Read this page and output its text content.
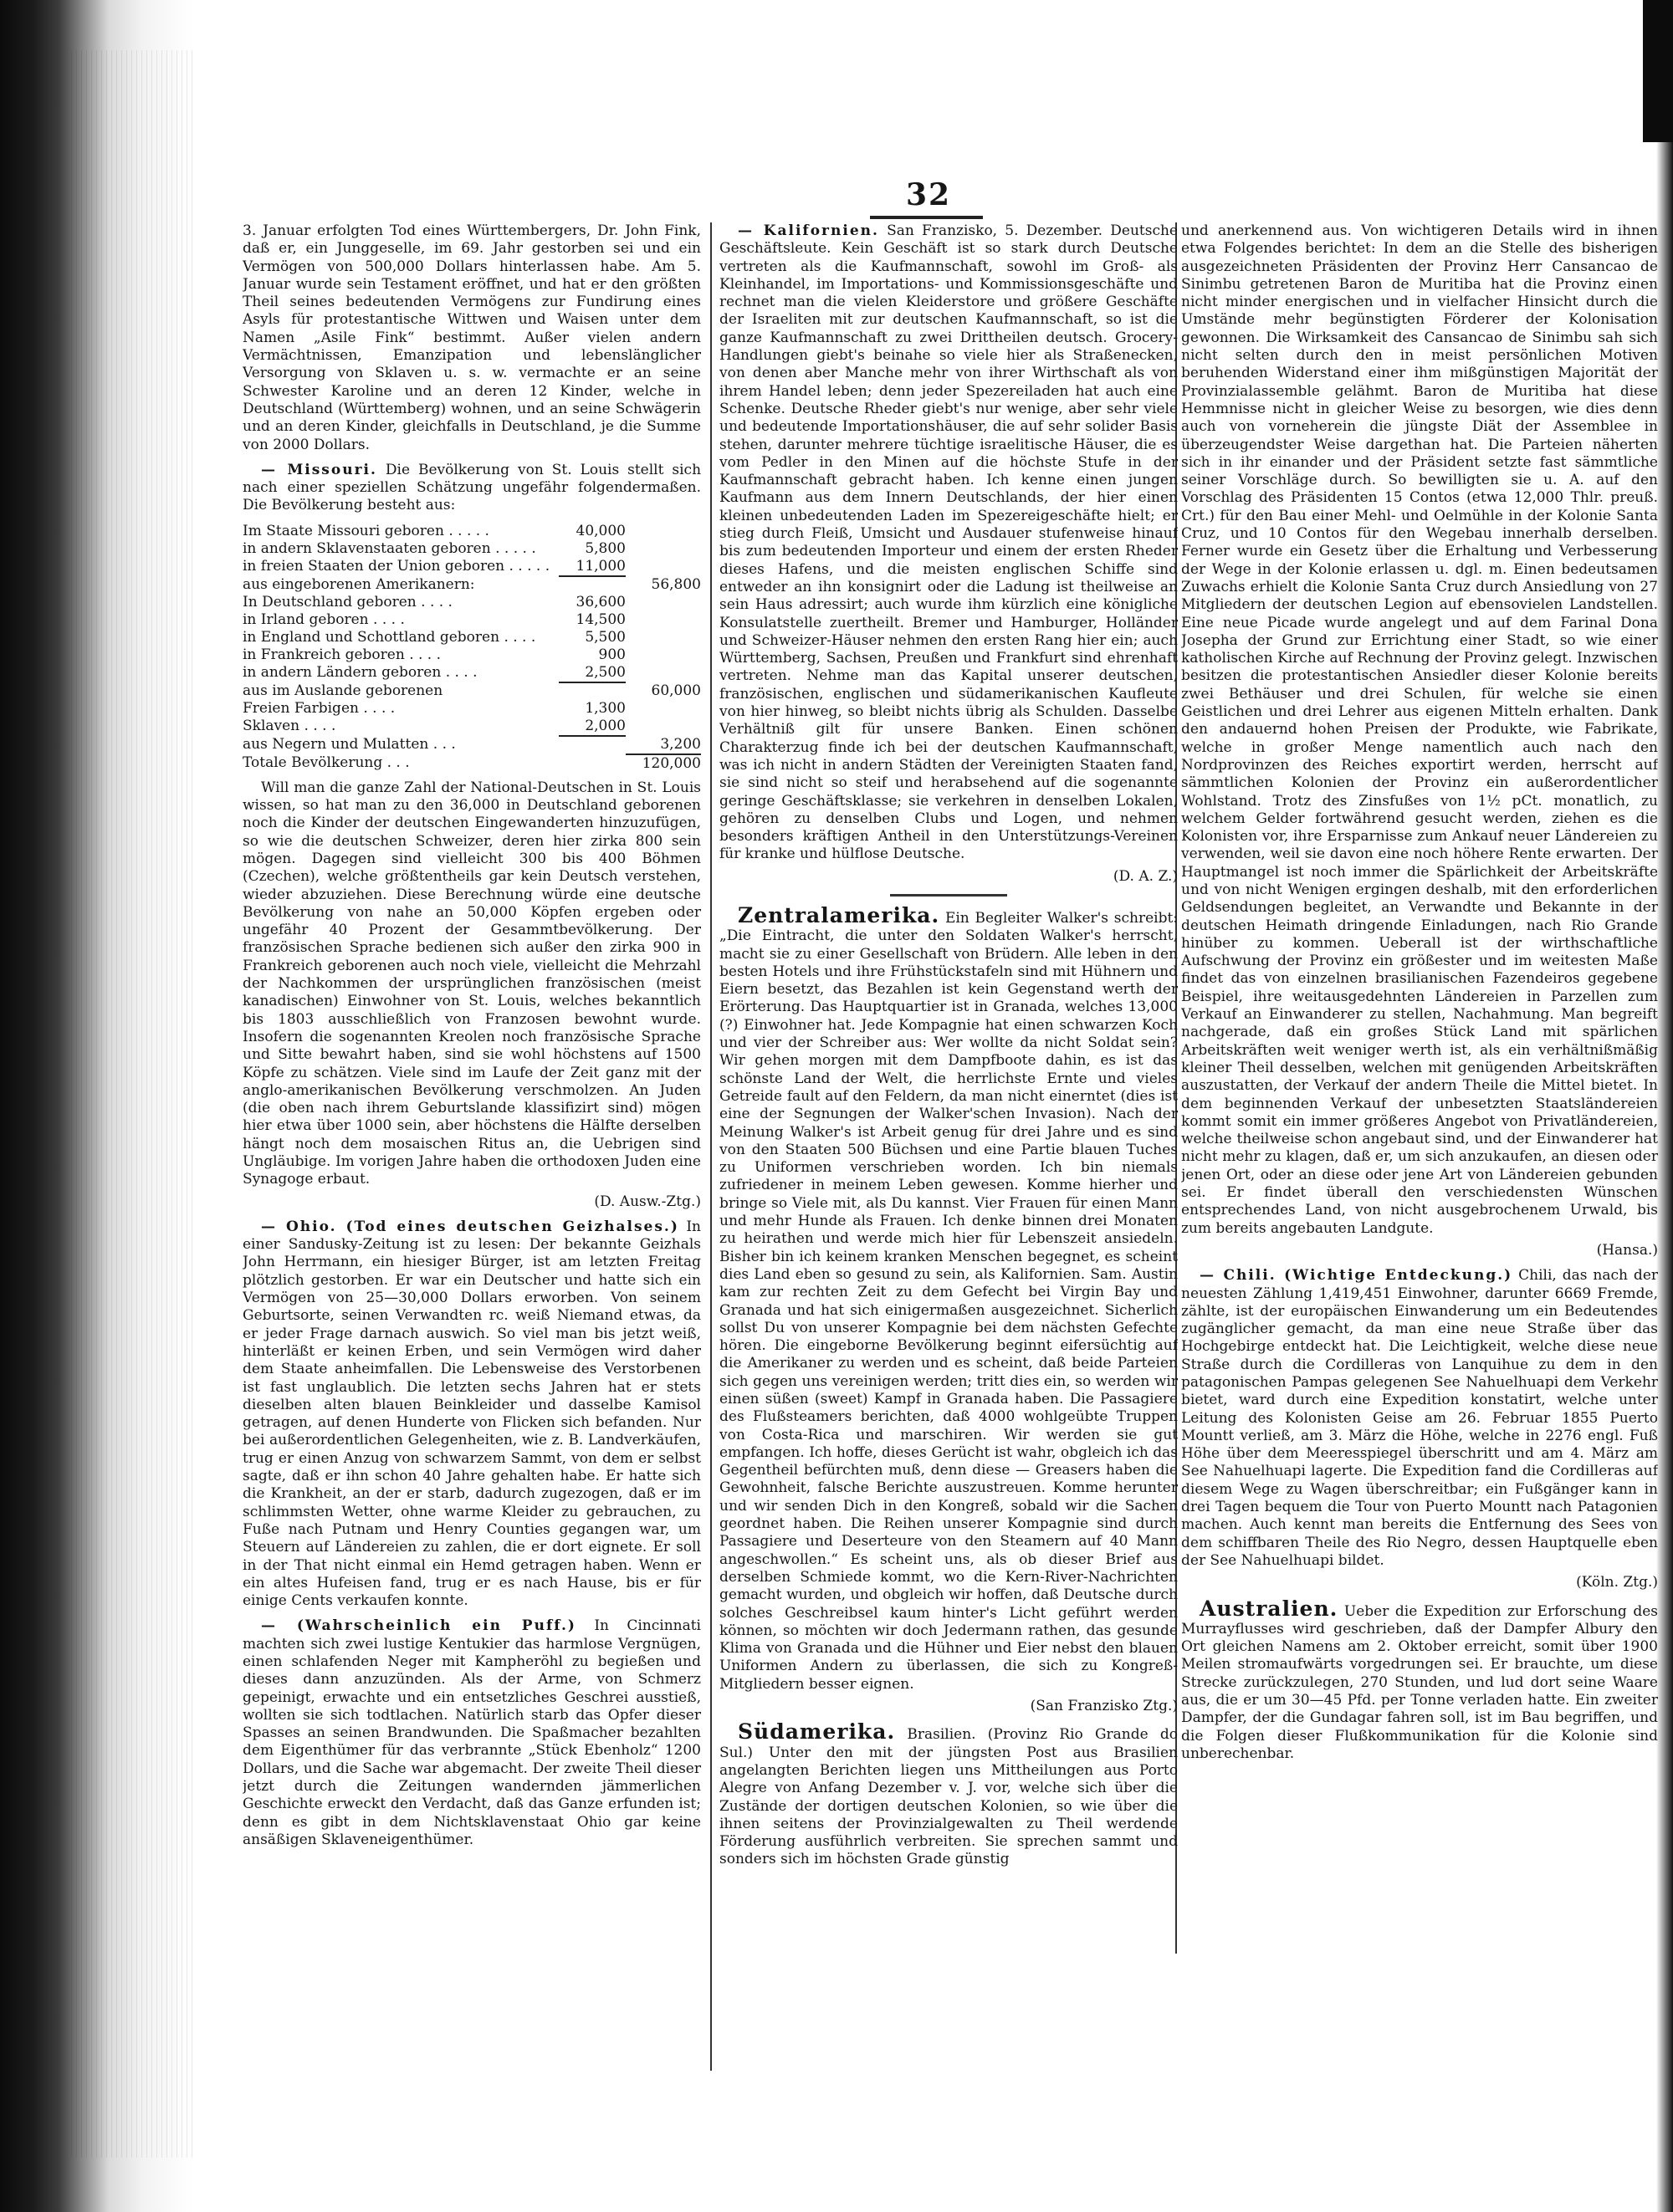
32

3. Januar erfolgten Tod eines Württembergers, Dr. John Fink, daß er, ein Junggeselle, im 69. Jahr gestorben sei und ein Vermögen von 500,000 Dollars hinterlassen habe. Am 5. Januar wurde sein Testament eröffnet, und hat er den größten Theil seines bedeutenden Vermögens zur Fundirung eines Asyls für protestantische Wittwen und Waisen unter dem Namen „Asile Fink“ bestimmt. Außer vielen andern Vermächtnissen, Emanzipation und lebenslänglicher Versorgung von Sklaven u. s. w. vermachte er an seine Schwester Karoline und an deren 12 Kinder, welche in Deutschland (Württemberg) wohnen, und an seine Schwägerin und an deren Kinder, gleichfalls in Deutschland, je die Summe von 2000 Dollars.

— Missouri. Die Bevölkerung von St. Louis stellt sich nach einer speziellen Schätzung ungefähr folgendermaßen. Die Bevölkerung besteht aus:

Im Staate Missouri geboren . . . . .	40,000	
in andern Sklavenstaaten geboren . . . . .	5,800	
in freien Staaten der Union geboren . . . . .	11,000	
aus eingeborenen Amerikanern:		56,800
In Deutschland geboren . . . .	36,600	
in Irland geboren . . . .	14,500	
in England und Schottland geboren . . . .	5,500	
in Frankreich geboren . . . .	900	
in andern Ländern geboren . . . .	2,500	
aus im Auslande geborenen		60,000
Freien Farbigen . . . .	1,300	
Sklaven . . . .	2,000	
aus Negern und Mulatten . . .		3,200
Totale Bevölkerung . . .		120,000

Will man die ganze Zahl der National-Deutschen in St. Louis wissen, so hat man zu den 36,000 in Deutschland geborenen noch die Kinder der deutschen Eingewanderten hinzuzufügen, so wie die deutschen Schweizer, deren hier zirka 800 sein mögen. Dagegen sind vielleicht 300 bis 400 Böhmen (Czechen), welche größtentheils gar kein Deutsch verstehen, wieder abzuziehen. Diese Berechnung würde eine deutsche Bevölkerung von nahe an 50,000 Köpfen ergeben oder ungefähr 40 Prozent der Gesammtbevölkerung. Der französischen Sprache bedienen sich außer den zirka 900 in Frankreich geborenen auch noch viele, vielleicht die Mehrzahl der Nachkommen der ursprünglichen französischen (meist kanadischen) Einwohner von St. Louis, welches bekanntlich bis 1803 ausschließlich von Franzosen bewohnt wurde. Insofern die sogenannten Kreolen noch französische Sprache und Sitte bewahrt haben, sind sie wohl höchstens auf 1500 Köpfe zu schätzen. Viele sind im Laufe der Zeit ganz mit der anglo-amerikanischen Bevölkerung verschmolzen. An Juden (die oben nach ihrem Geburtslande klassifizirt sind) mögen hier etwa über 1000 sein, aber höchstens die Hälfte derselben hängt noch dem mosaischen Ritus an, die Uebrigen sind Ungläubige. Im vorigen Jahre haben die orthodoxen Juden eine Synagoge erbaut.

(D. Ausw.-Ztg.)

— Ohio. (Tod eines deutschen Geizhalses.) In einer Sandusky-Zeitung ist zu lesen: Der bekannte Geizhals John Herrmann, ein hiesiger Bürger, ist am letzten Freitag plötzlich gestorben. Er war ein Deutscher und hatte sich ein Vermögen von 25—30,000 Dollars erworben. Von seinem Geburtsorte, seinen Verwandten rc. weiß Niemand etwas, da er jeder Frage darnach auswich. So viel man bis jetzt weiß, hinterläßt er keinen Erben, und sein Vermögen wird daher dem Staate anheimfallen. Die Lebensweise des Verstorbenen ist fast unglaublich. Die letzten sechs Jahren hat er stets dieselben alten blauen Beinkleider und dasselbe Kamisol getragen, auf denen Hunderte von Flicken sich befanden. Nur bei außerordentlichen Gelegenheiten, wie z. B. Landverkäufen, trug er einen Anzug von schwarzem Sammt, von dem er selbst sagte, daß er ihn schon 40 Jahre gehalten habe. Er hatte sich die Krankheit, an der er starb, dadurch zugezogen, daß er im schlimmsten Wetter, ohne warme Kleider zu gebrauchen, zu Fuße nach Putnam und Henry Counties gegangen war, um Steuern auf Ländereien zu zahlen, die er dort eignete. Er soll in der That nicht einmal ein Hemd getragen haben. Wenn er ein altes Hufeisen fand, trug er es nach Hause, bis er für einige Cents verkaufen konnte.

— (Wahrscheinlich ein Puff.) In Cincinnati machten sich zwei lustige Kentukier das harmlose Vergnügen, einen schlafenden Neger mit Kampheröhl zu begießen und dieses dann anzuzünden. Als der Arme, von Schmerz gepeinigt, erwachte und ein entsetzliches Geschrei ausstieß, wollten sie sich todtlachen. Natürlich starb das Opfer dieser Spasses an seinen Brandwunden. Die Spaßmacher bezahlten dem Eigenthümer für das verbrannte „Stück Ebenholz“ 1200 Dollars, und die Sache war abgemacht. Der zweite Theil dieser jetzt durch die Zeitungen wandernden jämmerlichen Geschichte erweckt den Verdacht, daß das Ganze erfunden ist; denn es gibt in dem Nichtsklavenstaat Ohio gar keine ansäßigen Sklaveneigenthümer.

— Kalifornien. San Franzisko, 5. Dezember. Deutsche Geschäftsleute. Kein Geschäft ist so stark durch Deutsche vertreten als die Kaufmannschaft, sowohl im Groß- als Kleinhandel, im Importations- und Kommissionsgeschäfte und rechnet man die vielen Kleiderstore und größere Geschäfte der Israeliten mit zur deutschen Kaufmannschaft, so ist die ganze Kaufmannschaft zu zwei Drittheilen deutsch. Grocery-Handlungen giebt's beinahe so viele hier als Straßenecken, von denen aber Manche mehr von ihrer Wirthschaft als von ihrem Handel leben; denn jeder Spezereiladen hat auch eine Schenke. Deutsche Rheder giebt's nur wenige, aber sehr viele und bedeutende Importationshäuser, die auf sehr solider Basis stehen, darunter mehrere tüchtige israelitische Häuser, die es vom Pedler in den Minen auf die höchste Stufe in der Kaufmannschaft gebracht haben. Ich kenne einen jungen Kaufmann aus dem Innern Deutschlands, der hier einen kleinen unbedeutenden Laden im Spezereigeschäfte hielt; er stieg durch Fleiß, Umsicht und Ausdauer stufenweise hinauf bis zum bedeutenden Importeur und einem der ersten Rheder dieses Hafens, und die meisten englischen Schiffe sind entweder an ihn konsignirt oder die Ladung ist theilweise an sein Haus adressirt; auch wurde ihm kürzlich eine königliche Konsulatstelle zuertheilt. Bremer und Hamburger, Holländer und Schweizer-Häuser nehmen den ersten Rang hier ein; auch Württemberg, Sachsen, Preußen und Frankfurt sind ehrenhaft vertreten. Nehme man das Kapital unserer deutschen, französischen, englischen und südamerikanischen Kaufleute von hier hinweg, so bleibt nichts übrig als Schulden. Dasselbe Verhältniß gilt für unsere Banken. Einen schönen Charakterzug finde ich bei der deutschen Kaufmannschaft, was ich nicht in andern Städten der Vereinigten Staaten fand, sie sind nicht so steif und herabsehend auf die sogenannte geringe Geschäftsklasse; sie verkehren in denselben Lokalen, gehören zu denselben Clubs und Logen, und nehmen besonders kräftigen Antheil in den Unterstützungs-Vereinen für kranke und hülflose Deutsche.

(D. A. Z.)

Zentralamerika. Ein Begleiter Walker's schreibt: „Die Eintracht, die unter den Soldaten Walker's herrscht, macht sie zu einer Gesellschaft von Brüdern. Alle leben in den besten Hotels und ihre Frühstückstafeln sind mit Hühnern und Eiern besetzt, das Bezahlen ist kein Gegenstand werth der Erörterung. Das Hauptquartier ist in Granada, welches 13,000 (?) Einwohner hat. Jede Kompagnie hat einen schwarzen Koch und vier der Schreiber aus: Wer wollte da nicht Soldat sein? Wir gehen morgen mit dem Dampfboote dahin, es ist das schönste Land der Welt, die herrlichste Ernte und vieles Getreide fault auf den Feldern, da man nicht einerntet (dies ist eine der Segnungen der Walker'schen Invasion). Nach der Meinung Walker's ist Arbeit genug für drei Jahre und es sind von den Staaten 500 Büchsen und eine Partie blauen Tuches zu Uniformen verschrieben worden. Ich bin niemals zufriedener in meinem Leben gewesen. Komme hierher und bringe so Viele mit, als Du kannst. Vier Frauen für einen Mann und mehr Hunde als Frauen. Ich denke binnen drei Monaten zu heirathen und werde mich hier für Lebenszeit ansiedeln. Bisher bin ich keinem kranken Menschen begegnet, es scheint dies Land eben so gesund zu sein, als Kalifornien. Sam. Austin kam zur rechten Zeit zu dem Gefecht bei Virgin Bay und Granada und hat sich einigermaßen ausgezeichnet. Sicherlich sollst Du von unserer Kompagnie bei dem nächsten Gefechte hören. Die eingeborne Bevölkerung beginnt eifersüchtig auf die Amerikaner zu werden und es scheint, daß beide Parteien sich gegen uns vereinigen werden; tritt dies ein, so werden wir einen süßen (sweet) Kampf in Granada haben. Die Passagiere des Flußsteamers berichten, daß 4000 wohlgeübte Truppen von Costa-Rica und marschiren. Wir werden sie gut empfangen. Ich hoffe, dieses Gerücht ist wahr, obgleich ich das Gegentheil befürchten muß, denn diese — Greasers haben die Gewohnheit, falsche Berichte auszustreuen. Komme herunter und wir senden Dich in den Kongreß, sobald wir die Sachen geordnet haben. Die Reihen unserer Kompagnie sind durch Passagiere und Deserteure von den Steamern auf 40 Mann angeschwollen.“ Es scheint uns, als ob dieser Brief aus derselben Schmiede kommt, wo die Kern-River-Nachrichten gemacht wurden, und obgleich wir hoffen, daß Deutsche durch solches Geschreibsel kaum hinter's Licht geführt werden können, so möchten wir doch Jedermann rathen, das gesunde Klima von Granada und die Hühner und Eier nebst den blauen Uniformen Andern zu überlassen, die sich zu Kongreß-Mitgliedern besser eignen.

(San Franzisko Ztg.)

Südamerika. Brasilien. (Provinz Rio Grande do Sul.) Unter den mit der jüngsten Post aus Brasilien angelangten Berichten liegen uns Mittheilungen aus Porto Alegre von Anfang Dezember v. J. vor, welche sich über die Zustände der dortigen deutschen Kolonien, so wie über die ihnen seitens der Provinzialgewalten zu Theil werdende Förderung ausführlich verbreiten. Sie sprechen sammt und sonders sich im höchsten Grade günstig

und anerkennend aus. Von wichtigeren Details wird in ihnen etwa Folgendes berichtet: In dem an die Stelle des bisherigen ausgezeichneten Präsidenten der Provinz Herr Cansancao de Sinimbu getretenen Baron de Muritiba hat die Provinz einen nicht minder energischen und in vielfacher Hinsicht durch die Umstände mehr begünstigten Förderer der Kolonisation gewonnen. Die Wirksamkeit des Cansancao de Sinimbu sah sich nicht selten durch den in meist persönlichen Motiven beruhenden Widerstand einer ihm mißgünstigen Majorität der Provinzialassemble gelähmt. Baron de Muritiba hat diese Hemmnisse nicht in gleicher Weise zu besorgen, wie dies denn auch von vorneherein die jüngste Diät der Assemblee in überzeugendster Weise dargethan hat. Die Parteien näherten sich in ihr einander und der Präsident setzte fast sämmtliche seiner Vorschläge durch. So bewilligten sie u. A. auf den Vorschlag des Präsidenten 15 Contos (etwa 12,000 Thlr. preuß. Crt.) für den Bau einer Mehl- und Oelmühle in der Kolonie Santa Cruz, und 10 Contos für den Wegebau innerhalb derselben. Ferner wurde ein Gesetz über die Erhaltung und Verbesserung der Wege in der Kolonie erlassen u. dgl. m. Einen bedeutsamen Zuwachs erhielt die Kolonie Santa Cruz durch Ansiedlung von 27 Mitgliedern der deutschen Legion auf ebensovielen Landstellen. Eine neue Picade wurde angelegt und auf dem Farinal Dona Josepha der Grund zur Errichtung einer Stadt, so wie einer katholischen Kirche auf Rechnung der Provinz gelegt. Inzwischen besitzen die protestantischen Ansiedler dieser Kolonie bereits zwei Bethäuser und drei Schulen, für welche sie einen Geistlichen und drei Lehrer aus eigenen Mitteln erhalten. Dank den andauernd hohen Preisen der Produkte, wie Fabrikate, welche in großer Menge namentlich auch nach den Nordprovinzen des Reiches exportirt werden, herrscht auf sämmtlichen Kolonien der Provinz ein außerordentlicher Wohlstand. Trotz des Zinsfußes von 1½ pCt. monatlich, zu welchem Gelder fortwährend gesucht werden, ziehen es die Kolonisten vor, ihre Ersparnisse zum Ankauf neuer Ländereien zu verwenden, weil sie davon eine noch höhere Rente erwarten. Der Hauptmangel ist noch immer die Spärlichkeit der Arbeitskräfte und von nicht Wenigen ergingen deshalb, mit den erforderlichen Geldsendungen begleitet, an Verwandte und Bekannte in der deutschen Heimath dringende Einladungen, nach Rio Grande hinüber zu kommen. Ueberall ist der wirthschaftliche Aufschwung der Provinz ein größester und im weitesten Maße findet das von einzelnen brasilianischen Fazendeiros gegebene Beispiel, ihre weitausgedehnten Ländereien in Parzellen zum Verkauf an Einwanderer zu stellen, Nachahmung. Man begreift nachgerade, daß ein großes Stück Land mit spärlichen Arbeitskräften weit weniger werth ist, als ein verhältnißmäßig kleiner Theil desselben, welchen mit genügenden Arbeitskräften auszustatten, der Verkauf der andern Theile die Mittel bietet. In dem beginnenden Verkauf der unbesetzten Staatsländereien kommt somit ein immer größeres Angebot von Privatländereien, welche theilweise schon angebaut sind, und der Einwanderer hat nicht mehr zu klagen, daß er, um sich anzukaufen, an diesen oder jenen Ort, oder an diese oder jene Art von Ländereien gebunden sei. Er findet überall den verschiedensten Wünschen entsprechendes Land, von nicht ausgebrochenem Urwald, bis zum bereits angebauten Landgute.

(Hansa.)

— Chili. (Wichtige Entdeckung.) Chili, das nach der neuesten Zählung 1,419,451 Einwohner, darunter 6669 Fremde, zählte, ist der europäischen Einwanderung um ein Bedeutendes zugänglicher gemacht, da man eine neue Straße über das Hochgebirge entdeckt hat. Die Leichtigkeit, welche diese neue Straße durch die Cordilleras von Lanquihue zu dem in den patagonischen Pampas gelegenen See Nahuelhuapi dem Verkehr bietet, ward durch eine Expedition konstatirt, welche unter Leitung des Kolonisten Geise am 26. Februar 1855 Puerto Mountt verließ, am 3. März die Höhe, welche in 2276 engl. Fuß Höhe über dem Meeresspiegel überschritt und am 4. März am See Nahuelhuapi lagerte. Die Expedition fand die Cordilleras auf diesem Wege zu Wagen überschreitbar; ein Fußgänger kann in drei Tagen bequem die Tour von Puerto Mountt nach Patagonien machen. Auch kennt man bereits die Entfernung des Sees von dem schiffbaren Theile des Rio Negro, dessen Hauptquelle eben der See Nahuelhuapi bildet.

(Köln. Ztg.)

Australien. Ueber die Expedition zur Erforschung des Murrayflusses wird geschrieben, daß der Dampfer Albury den Ort gleichen Namens am 2. Oktober erreicht, somit über 1900 Meilen stromaufwärts vorgedrungen sei. Er brauchte, um diese Strecke zurückzulegen, 270 Stunden, und lud dort seine Waare aus, die er um 30—45 Pfd. per Tonne verladen hatte. Ein zweiter Dampfer, der die Gundagar fahren soll, ist im Bau begriffen, und die Folgen dieser Flußkommunikation für die Kolonie sind unberechenbar.
